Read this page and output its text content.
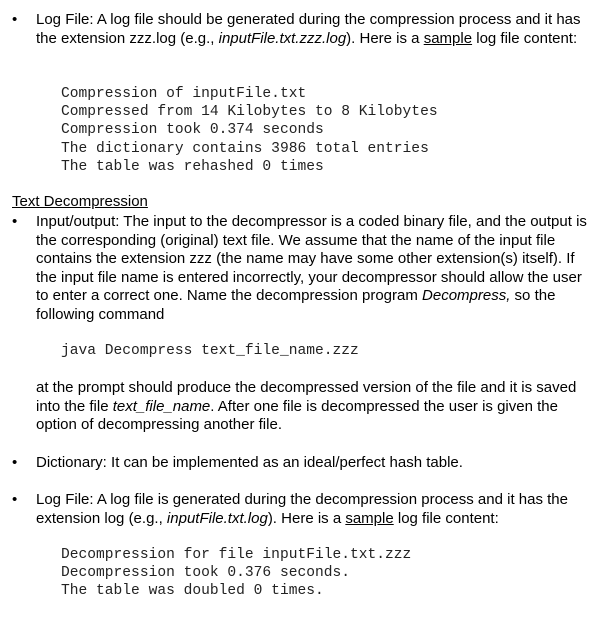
• Log File: A log file should be generated during the compression process and it has the extension zzz.log (e.g., inputFile.txt.zzz.log). Here is a sample log file content:
Compression of inputFile.txt
Compressed from 14 Kilobytes to 8 Kilobytes
Compression took 0.374 seconds
The dictionary contains 3986 total entries
The table was rehashed 0 times
Text Decompression
• Input/output: The input to the decompressor is a coded binary file, and the output is the corresponding (original) text file. We assume that the name of the input file contains the extension zzz (the name may have some other extension(s) itself). If the input file name is entered incorrectly, your decompressor should allow the user to enter a correct one. Name the decompression program Decompress, so the following command
java Decompress text_file_name.zzz
at the prompt should produce the decompressed version of the file and it is saved into the file text_file_name. After one file is decompressed the user is given the option of decompressing another file.
• Dictionary: It can be implemented as an ideal/perfect hash table.
• Log File: A log file is generated during the decompression process and it has the extension log (e.g., inputFile.txt.log). Here is a sample log file content:
Decompression for file inputFile.txt.zzz
Decompression took 0.376 seconds.
The table was doubled 0 times.
